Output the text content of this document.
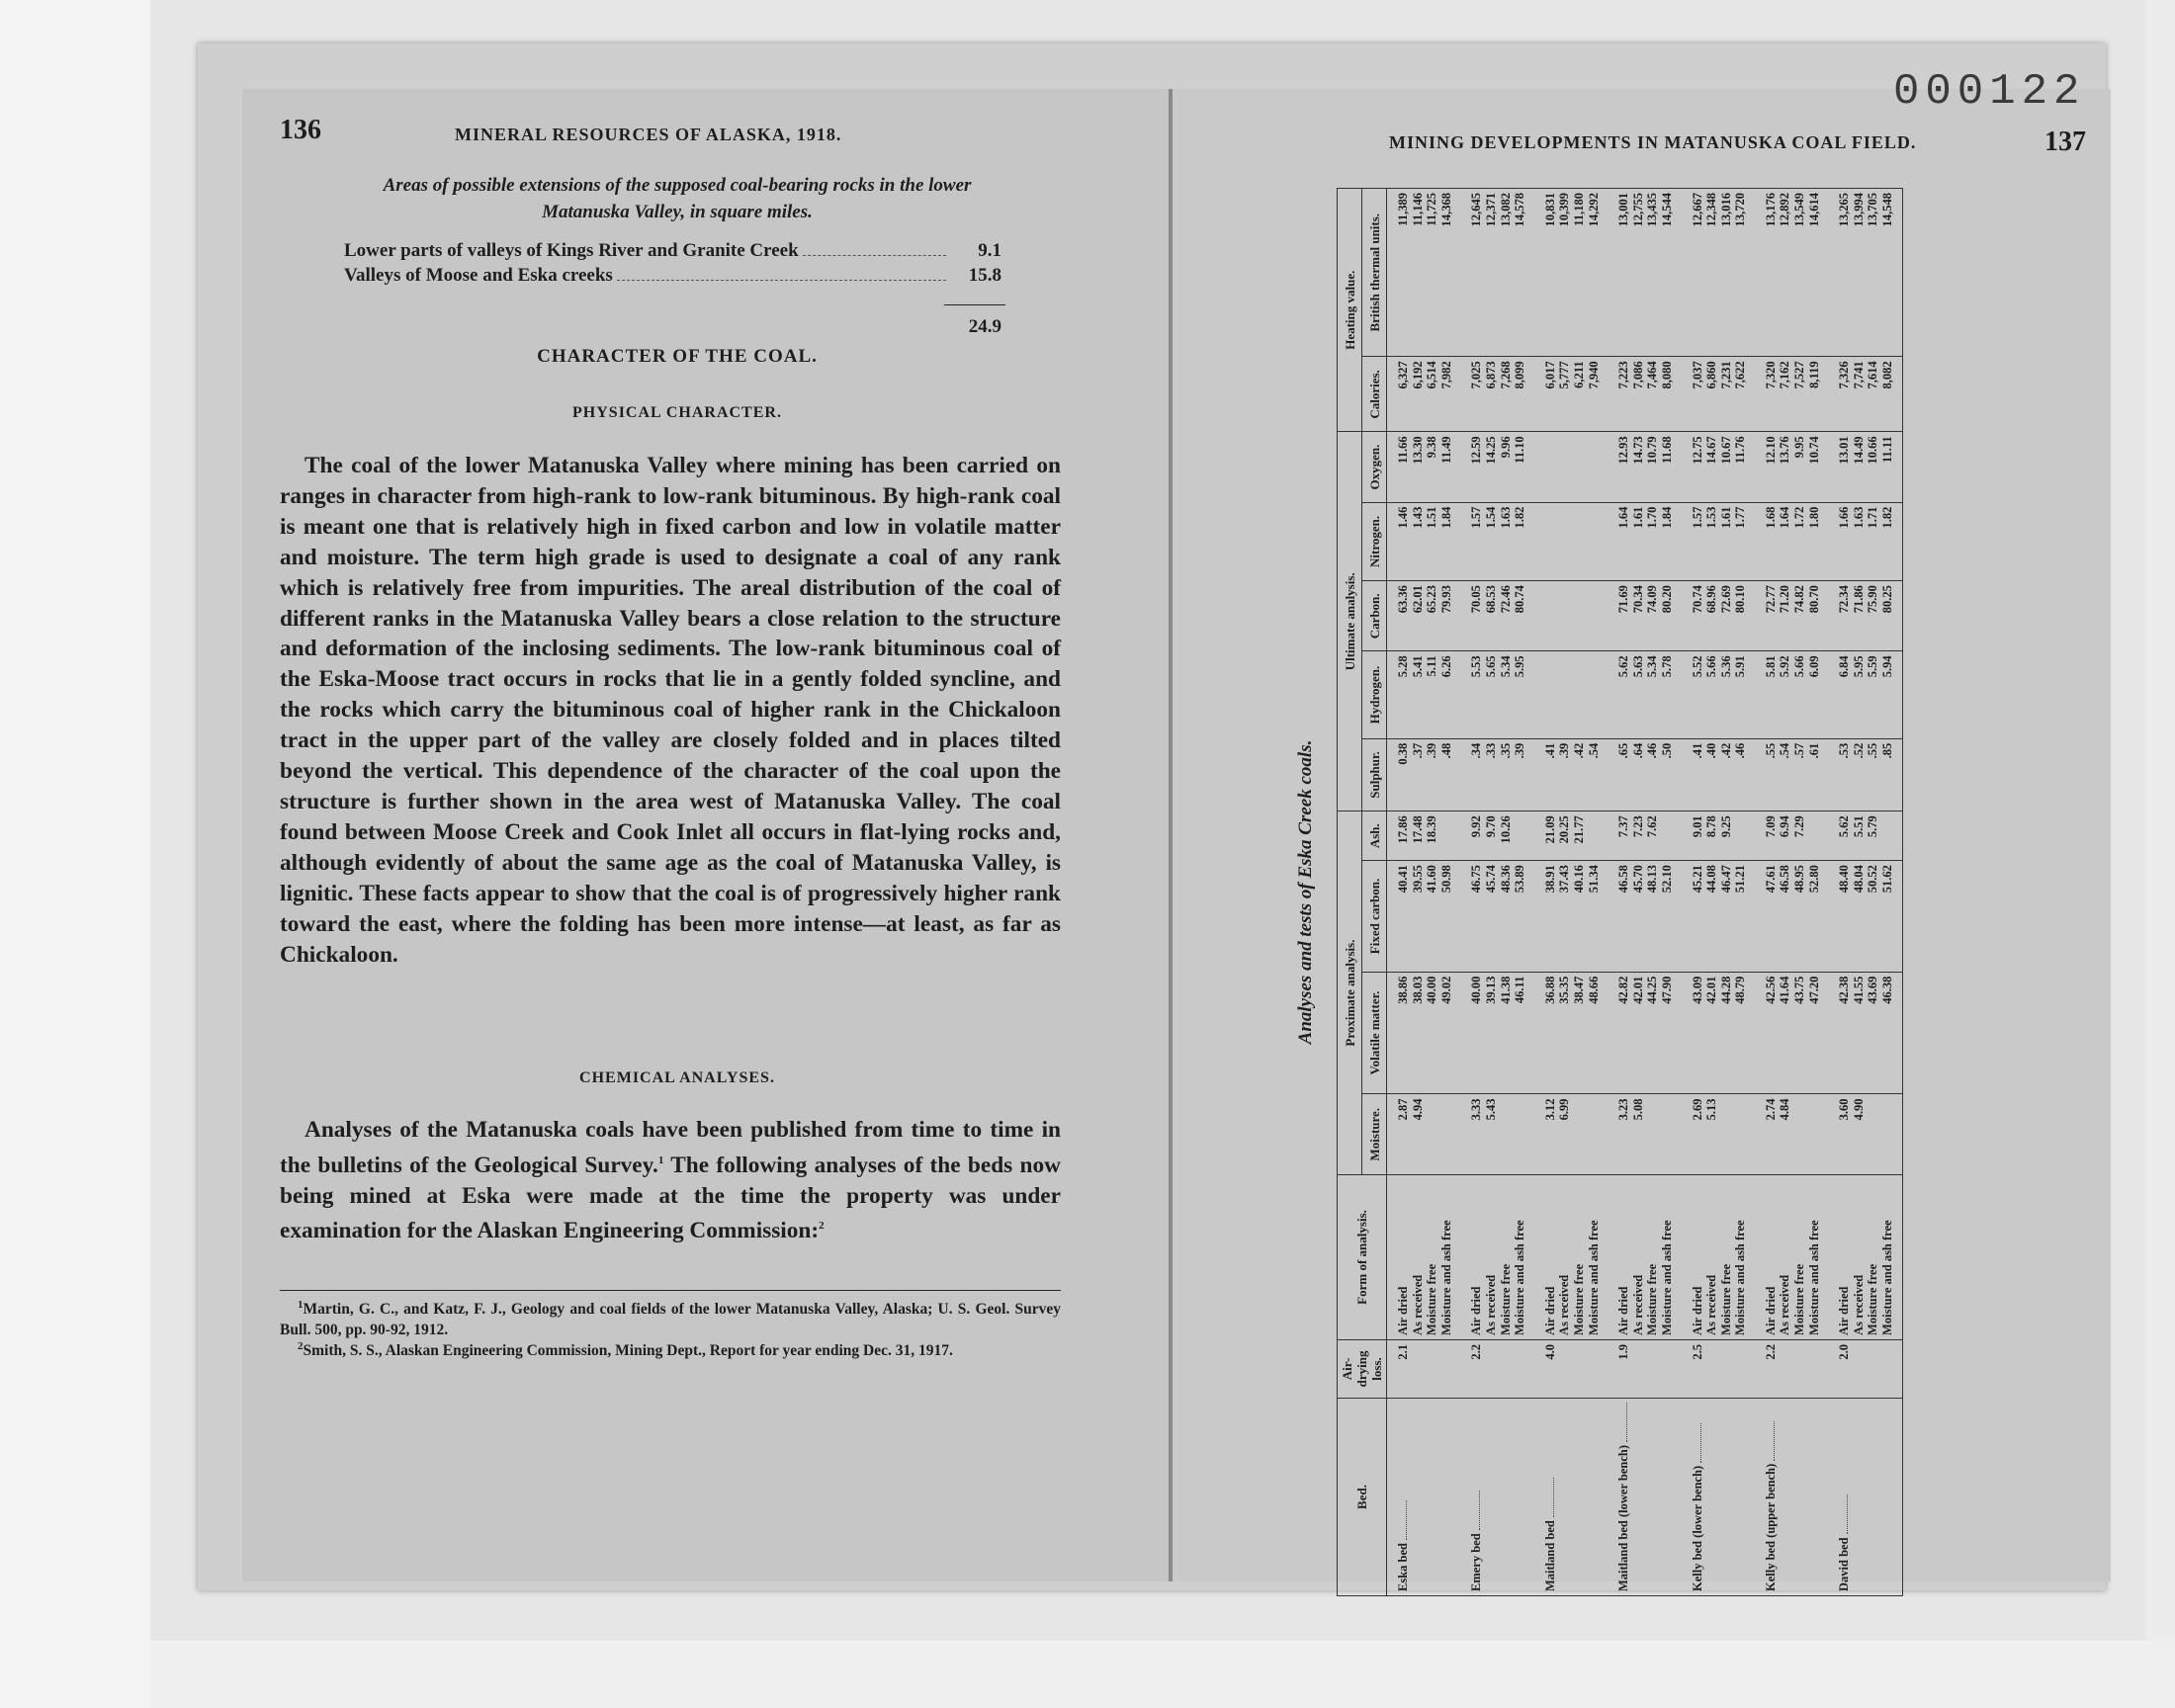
000122
136	MINERAL RESOURCES OF ALASKA, 1918.
Areas of possible extensions of the supposed coal-bearing rocks in the lower
Matanuska Valley, in square miles.
Lower parts of valleys of Kings River and Granite Creek	9.1
Valleys of Moose and Eska creeks	15.8
24.9
CHARACTER OF THE COAL.
PHYSICAL CHARACTER.

The coal of the lower Matanuska Valley where mining has been carried on ranges in character from high-rank to low-rank bituminous. By high-rank coal is meant one that is relatively high in fixed carbon and low in volatile matter and moisture. The term high grade is used to designate a coal of any rank which is relatively free from impurities. The areal distribution of the coal of different ranks in the Matanuska Valley bears a close relation to the structure and deformation of the inclosing sediments. The low-rank bituminous coal of the Eska-Moose tract occurs in rocks that lie in a gently folded syncline, and the rocks which carry the bituminous coal of higher rank in the Chickaloon tract in the upper part of the valley are closely folded and in places tilted beyond the vertical. This dependence of the character of the coal upon the structure is further shown in the area west of Matanuska Valley. The coal found between Moose Creek and Cook Inlet all occurs in flat-lying rocks and, although evidently of about the same age as the coal of Matanuska Valley, is lignitic. These facts appear to show that the coal is of progressively higher rank toward the east, where the folding has been more intense—at least, as far as Chickaloon.

CHEMICAL ANALYSES.

Analyses of the Matanuska coals have been published from time to time in the bulletins of the Geological Survey.$^1$ The following analyses of the beds now being mined at Eska were made at the time the property was under examination for the Alaskan Engineering Commission:$^2$

$^1$Martin, G. C., and Katz, F. J., Geology and coal fields of the lower Matanuska Valley, Alaska; U. S. Geol. Survey Bull. 500, pp. 90-92, 1912.
$^2$Smith, S. S., Alaskan Engineering Commission, Mining Dept., Report for year ending Dec. 31, 1917.
MINING DEVELOPMENTS IN MATANUSKA COAL FIELD.	137
Analyses and tests of Eska Creek coals.
Bed.	Air-drying loss.	Form of analysis.	Proximate analysis.				Ultimate analysis.					Heating value.	
			Moisture.	Volatile matter.	Fixed carbon.	Ash.	Sulphur.	Hydrogen.	Carbon.	Nitrogen.	Oxygen.	Calories.	British thermal units.
Eska bed	2.1	Air dried	2.87	38.86	40.41	17.86	0.38	5.28	63.36	1.46	11.66	6,327	11,389
		As received	4.94	38.03	39.55	17.48	.37	5.41	62.01	1.43	13.30	6,192	11,146
		Moisture free		40.00	41.60	18.39	.39	5.11	65.23	1.51	9.38	6,514	11,725
		Moisture and ash free		49.02	50.98		.48	6.26	79.93	1.84	11.49	7,982	14,368
Emery bed	2.2	Air dried	3.33	40.00	46.75	9.92	.34	5.53	70.05	1.57	12.59	7,025	12,645
		As received	5.43	39.13	45.74	9.70	.33	5.65	68.53	1.54	14.25	6,873	12,371
		Moisture free		41.38	48.36	10.26	.35	5.34	72.46	1.63	9.96	7,268	13,082
		Moisture and ash free		46.11	53.89		.39	5.95	80.74	1.82	11.10	8,099	14,578
Maitland bed	4.0	Air dried	3.12	36.88	38.91	21.09	.41					6,017	10,831
		As received	6.99	35.35	37.43	20.25	.39					5,777	10,399
		Moisture free		38.47	40.16	21.77	.42					6,211	11,180
		Moisture and ash free		48.66	51.34		.54					7,940	14,292
Maitland bed (lower bench)	1.9	Air dried	3.23	42.82	46.58	7.37	.65	5.62	71.69	1.64	12.93	7,223	13,001
		As received	5.08	42.01	45.70	7.23	.64	5.63	70.34	1.61	14.73	7,086	12,755
		Moisture free		44.25	48.13	7.62	.46	5.34	74.09	1.70	10.79	7,464	13,435
		Moisture and ash free		47.90	52.10		.50	5.78	80.20	1.84	11.68	8,080	14,544
Kelly bed (lower bench)	2.5	Air dried	2.69	43.09	45.21	9.01	.41	5.52	70.74	1.57	12.75	7,037	12,667
		As received	5.13	42.01	44.08	8.78	.40	5.66	68.96	1.53	14.67	6,860	12,348
		Moisture free		44.28	46.47	9.25	.42	5.36	72.69	1.61	10.67	7,231	13,016
		Moisture and ash free		48.79	51.21		.46	5.91	80.10	1.77	11.76	7,622	13,720
Kelly bed (upper bench)	2.2	Air dried	2.74	42.56	47.61	7.09	.55	5.81	72.77	1.68	12.10	7,320	13,176
		As received	4.84	41.64	46.58	6.94	.54	5.92	71.20	1.64	13.76	7,162	12,892
		Moisture free		43.75	48.95	7.29	.57	5.66	74.82	1.72	9.95	7,527	13,549
		Moisture and ash free		47.20	52.80		.61	6.09	80.70	1.80	10.74	8,119	14,614
David bed	2.0	Air dried	3.60	42.38	48.40	5.62	.53	6.84	72.34	1.66	13.01	7,326	13,265
		As received	4.90	41.55	48.04	5.51	.52	5.95	71.86	1.63	14.49	7,741	13,994
		Moisture free		43.69	50.52	5.79	.55	5.59	75.90	1.71	10.66	7,614	13,705
		Moisture and ash free		46.38	51.62		.85	5.94	80.25	1.82	11.11	8,082	14,548
